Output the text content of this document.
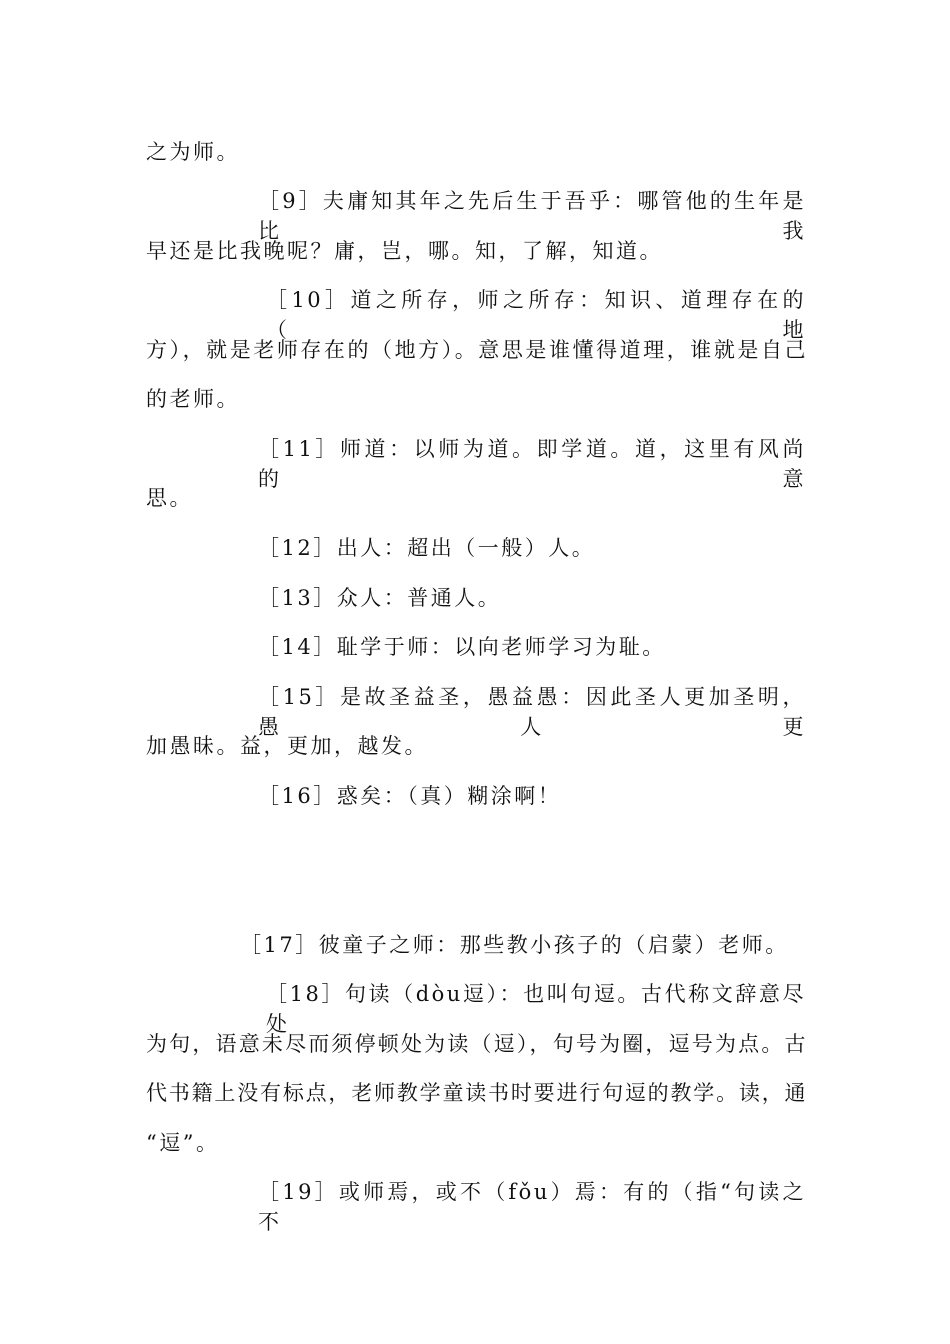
之为师。
［9］夫庸知其年之先后生于吾乎：哪管他的生年是比我
早还是比我晚呢？庸，岂，哪。知，了解，知道。
［10］道之所存，师之所存：知识、道理存在的（地
方），就是老师存在的（地方）。意思是谁懂得道理，谁就是自己
的老师。
［11］师道：以师为道。即学道。道，这里有风尚的意
思。
［12］出人：超出（一般）人。
［13］众人：普通人。
［14］耻学于师：以向老师学习为耻。
［15］是故圣益圣，愚益愚：因此圣人更加圣明，愚人更
加愚昧。益，更加，越发。
［16］惑矣：（真）糊涂啊！
［17］彼童子之师：那些教小孩子的（启蒙）老师。
［18］句读（dòu逗）：也叫句逗。古代称文辞意尽处
为句，语意未尽而须停顿处为读（逗），句号为圈，逗号为点。古
代书籍上没有标点，老师教学童读书时要进行句逗的教学。读，通
“逗”。
［19］或师焉，或不（fǒu）焉：有的（指“句读之不
